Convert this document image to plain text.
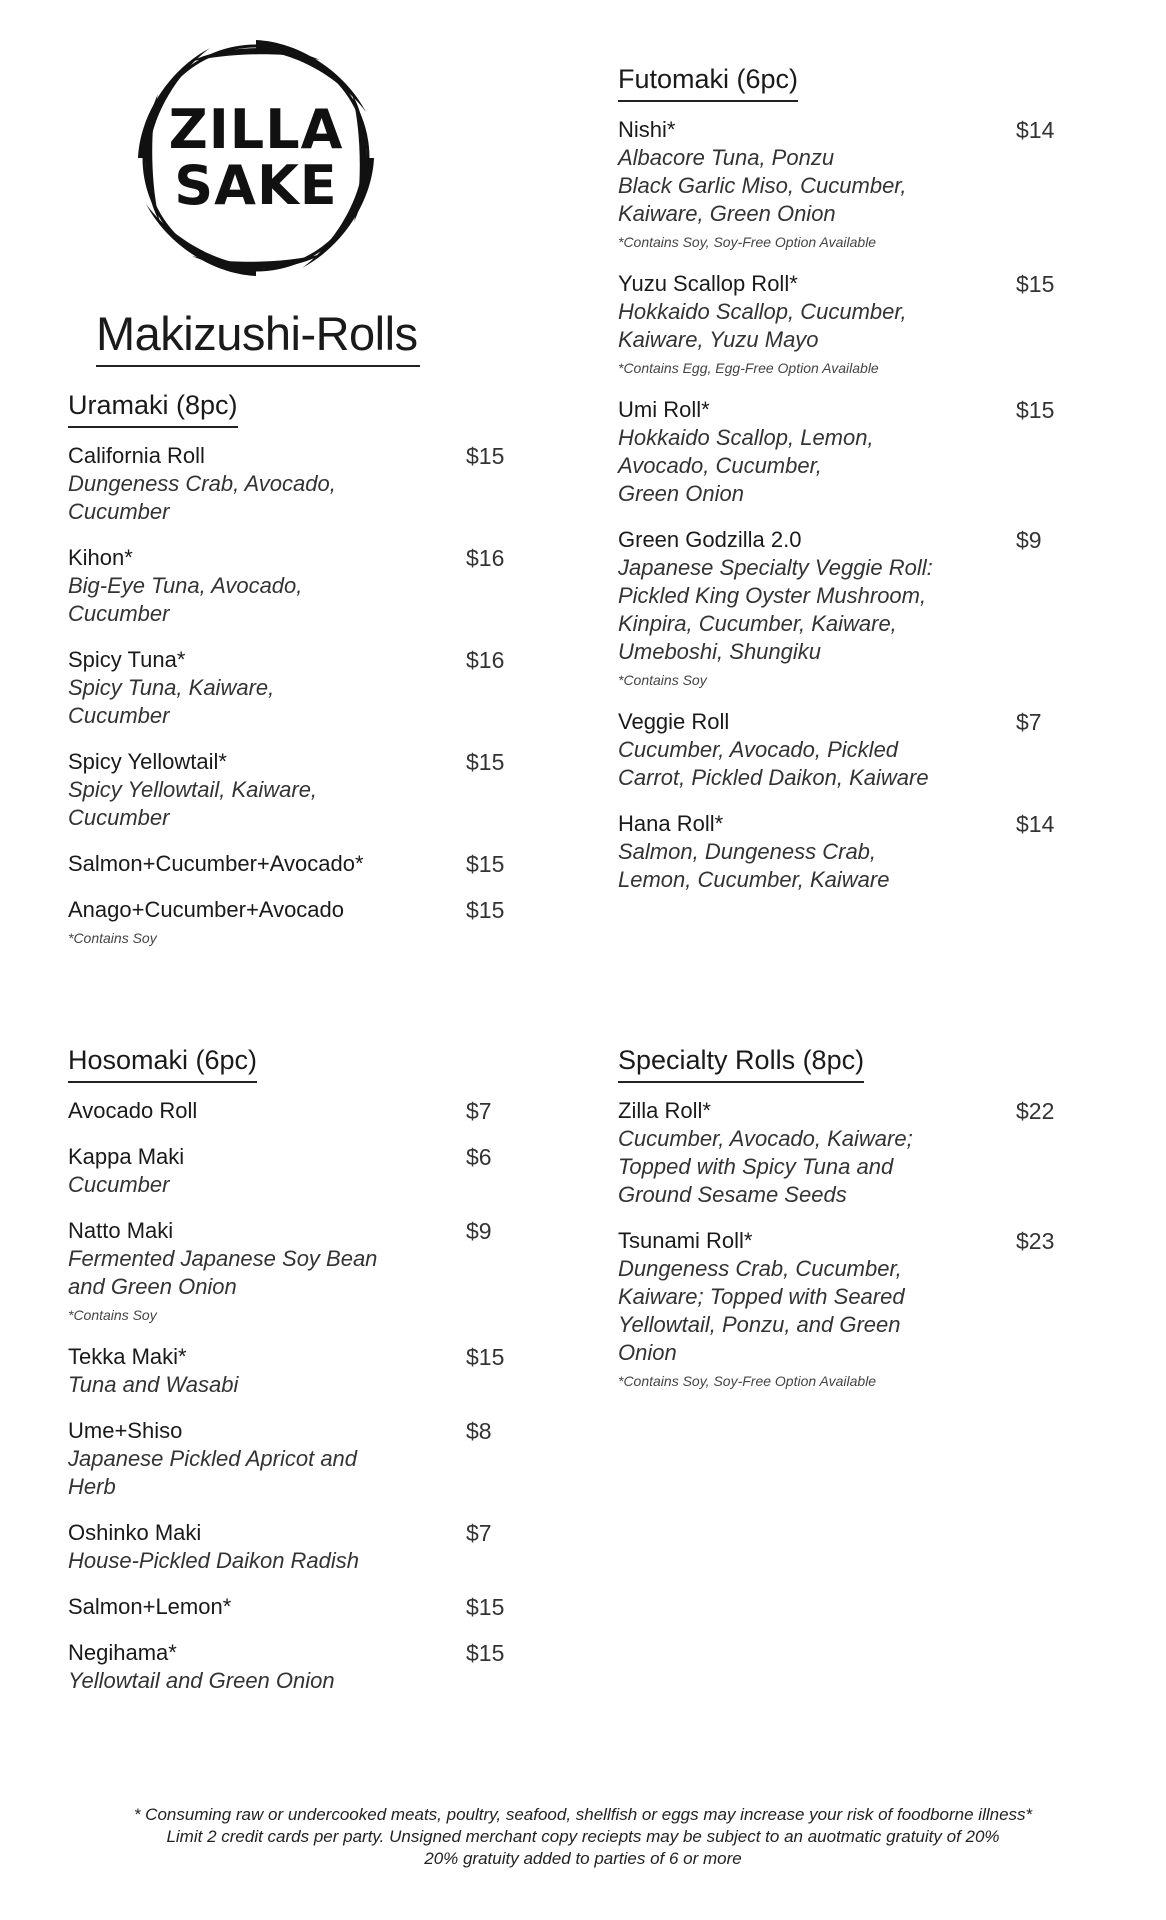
ZILLA
SAKE
Makizushi-Rolls
Uramaki (8pc)
California Roll	$15
Dungeness Crab, Avocado,
Cucumber
Kihon*	$16
Big-Eye Tuna, Avocado,
Cucumber
Spicy Tuna*	$16
Spicy Tuna, Kaiware,
Cucumber
Spicy Yellowtail*	$15
Spicy Yellowtail, Kaiware,
Cucumber
Salmon+Cucumber+Avocado*	$15
Anago+Cucumber+Avocado	$15
*Contains Soy
Hosomaki (6pc)
Avocado Roll	$7
Kappa Maki	$6
Cucumber
Natto Maki	$9
Fermented Japanese Soy Bean
and Green Onion
*Contains Soy
Tekka Maki*	$15
Tuna and Wasabi
Ume+Shiso	$8
Japanese Pickled Apricot and
Herb
Oshinko Maki	$7
House-Pickled Daikon Radish
Salmon+Lemon*	$15
Negihama*	$15
Yellowtail and Green Onion
Futomaki (6pc)
Nishi*	$14
Albacore Tuna, Ponzu
Black Garlic Miso, Cucumber,
Kaiware, Green Onion
*Contains Soy, Soy-Free Option Available
Yuzu Scallop Roll*	$15
Hokkaido Scallop, Cucumber,
Kaiware, Yuzu Mayo
*Contains Egg, Egg-Free Option Available
Umi Roll*	$15
Hokkaido Scallop, Lemon,
Avocado, Cucumber,
Green Onion
Green Godzilla 2.0	$9
Japanese Specialty Veggie Roll:
Pickled King Oyster Mushroom,
Kinpira, Cucumber, Kaiware,
Umeboshi, Shungiku
*Contains Soy
Veggie Roll	$7
Cucumber, Avocado, Pickled
Carrot, Pickled Daikon, Kaiware
Hana Roll*	$14
Salmon, Dungeness Crab,
Lemon, Cucumber, Kaiware
Specialty Rolls (8pc)
Zilla Roll*	$22
Cucumber, Avocado, Kaiware;
Topped with Spicy Tuna and
Ground Sesame Seeds
Tsunami Roll*	$23
Dungeness Crab, Cucumber,
Kaiware; Topped with Seared
Yellowtail, Ponzu, and Green
Onion
*Contains Soy, Soy-Free Option Available
* Consuming raw or undercooked meats, poultry, seafood, shellfish or eggs may increase your risk of foodborne illness*
Limit 2 credit cards per party. Unsigned merchant copy reciepts may be subject to an auotmatic gratuity of 20%
20% gratuity added to parties of 6 or more
